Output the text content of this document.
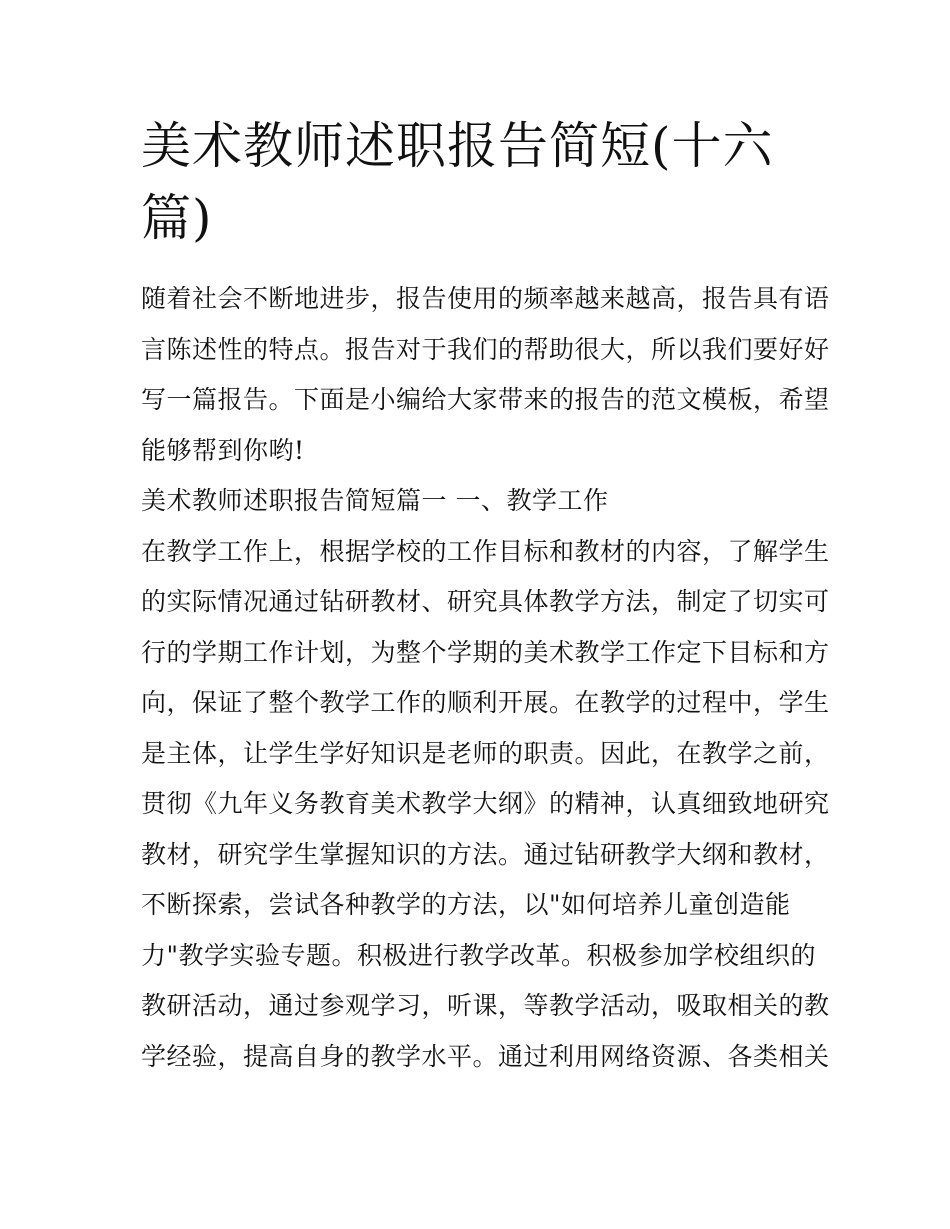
美术教师述职报告简短(十六
篇)
随着社会不断地进步，报告使用的频率越来越高，报告具有语
言陈述性的特点。报告对于我们的帮助很大，所以我们要好好
写一篇报告。下面是小编给大家带来的报告的范文模板，希望
能够帮到你哟!
美术教师述职报告简短篇一 一、教学工作
在教学工作上，根据学校的工作目标和教材的内容，了解学生
的实际情况通过钻研教材、研究具体教学方法，制定了切实可
行的学期工作计划，为整个学期的美术教学工作定下目标和方
向，保证了整个教学工作的顺利开展。在教学的过程中，学生
是主体，让学生学好知识是老师的职责。因此，在教学之前，
贯彻《九年义务教育美术教学大纲》的精神，认真细致地研究
教材，研究学生掌握知识的方法。通过钻研教学大纲和教材，
不断探索，尝试各种教学的方法，以"如何培养儿童创造能
力"教学实验专题。积极进行教学改革。积极参加学校组织的
教研活动，通过参观学习，听课，等教学活动，吸取相关的教
学经验，提高自身的教学水平。通过利用网络资源、各类相关
